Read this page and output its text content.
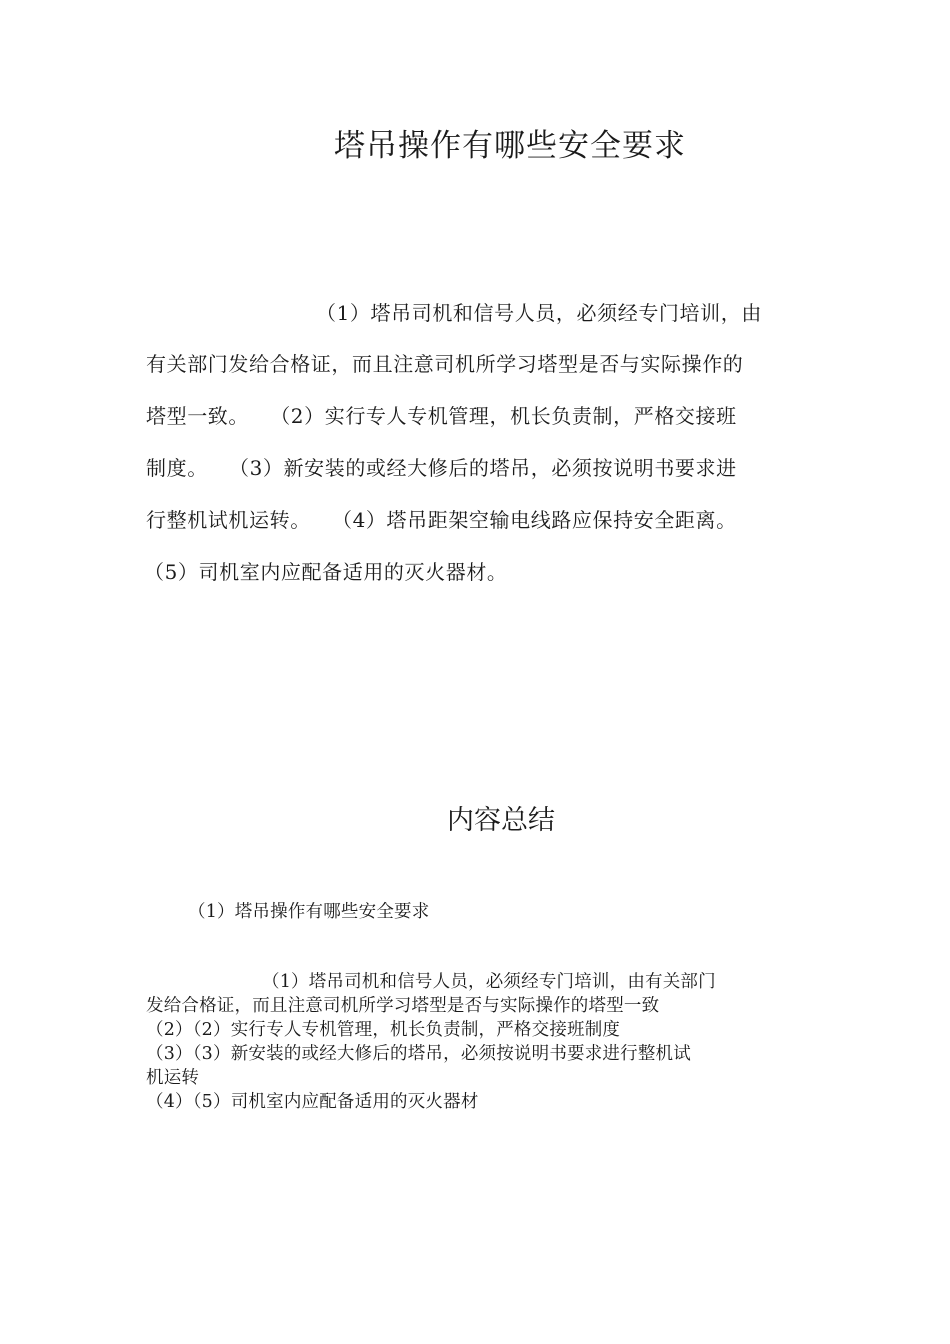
塔吊操作有哪些安全要求

（1）塔吊司机和信号人员，必须经专门培训，由

有关部门发给合格证，而且注意司机所学习塔型是否与实际操作的

塔型一致。　　（2）实行专人专机管理，机长负责制，严格交接班

制度。　　（3）新安装的或经大修后的塔吊，必须按说明书要求进

行整机试机运转。　　（4）塔吊距架空输电线路应保持安全距离。

（5）司机室内应配备适用的灭火器材。

内容总结

（1）塔吊操作有哪些安全要求

（1）塔吊司机和信号人员，必须经专门培训，由有关部门

发给合格证，而且注意司机所学习塔型是否与实际操作的塔型一致

（2）（2）实行专人专机管理，机长负责制，严格交接班制度

（3）（3）新安装的或经大修后的塔吊，必须按说明书要求进行整机试

机运转

（4）（5）司机室内应配备适用的灭火器材
